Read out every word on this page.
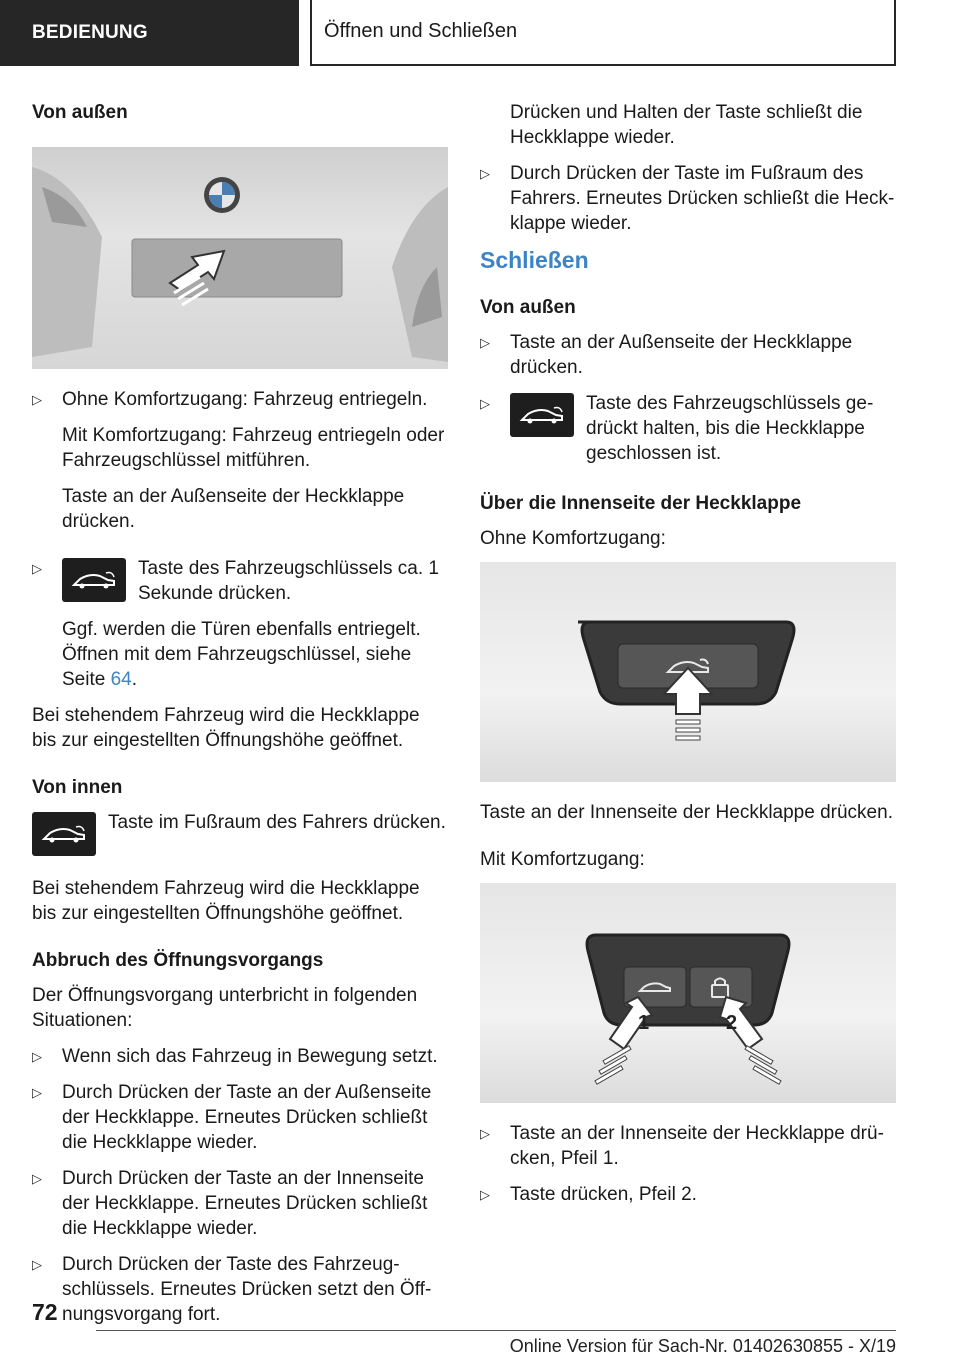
BEDIENUNG	Öffnen und Schließen
Von außen
▷ Ohne Komfortzugang: Fahrzeug entriegeln.
Mit Komfortzugang: Fahrzeug entriegeln oder Fahrzeugschlüssel mitführen.
Taste an der Außenseite der Heckklappe drücken.
▷	Taste des Fahrzeugschlüssels ca. 1 Sekunde drücken.
Ggf. werden die Türen ebenfalls entriegelt. Öffnen mit dem Fahrzeugschlüssel, siehe Seite 64.

Bei stehendem Fahrzeug wird die Heckklappe bis zur eingestellten Öffnungshöhe geöffnet.

Von innen
Taste im Fußraum des Fahrers drücken.

Bei stehendem Fahrzeug wird die Heckklappe bis zur eingestellten Öffnungshöhe geöffnet.

Abbruch des Öffnungsvorgangs

Der Öffnungsvorgang unterbricht in folgenden Situationen:

▷ Wenn sich das Fahrzeug in Bewegung setzt.
▷ Durch Drücken der Taste an der Außenseite der Heckklappe. Erneutes Drücken schließt die Heckklappe wieder.
▷ Durch Drücken der Taste an der Innenseite der Heckklappe. Erneutes Drücken schließt die Heckklappe wieder.
▷ Durch Drücken der Taste des Fahrzeugschlüssels. Erneutes Drücken setzt den Öffnungsvorgang fort.
Drücken und Halten der Taste schließt die Heckklappe wieder.
▷ Durch Drücken der Taste im Fußraum des Fahrers. Erneutes Drücken schließt die Heckklappe wieder.
Schließen
Von außen
▷ Taste an der Außenseite der Heckklappe drücken.
▷	Taste des Fahrzeugschlüssels gedrückt halten, bis die Heckklappe geschlossen ist.
Über die Innenseite der Heckklappe

Ohne Komfortzugang:

Taste an der Innenseite der Heckklappe drücken.

Mit Komfortzugang:

1	2
▷ Taste an der Innenseite der Heckklappe drücken, Pfeil 1.
▷ Taste drücken, Pfeil 2.
72
Online Version für Sach-Nr. 01402630855 - X/19
